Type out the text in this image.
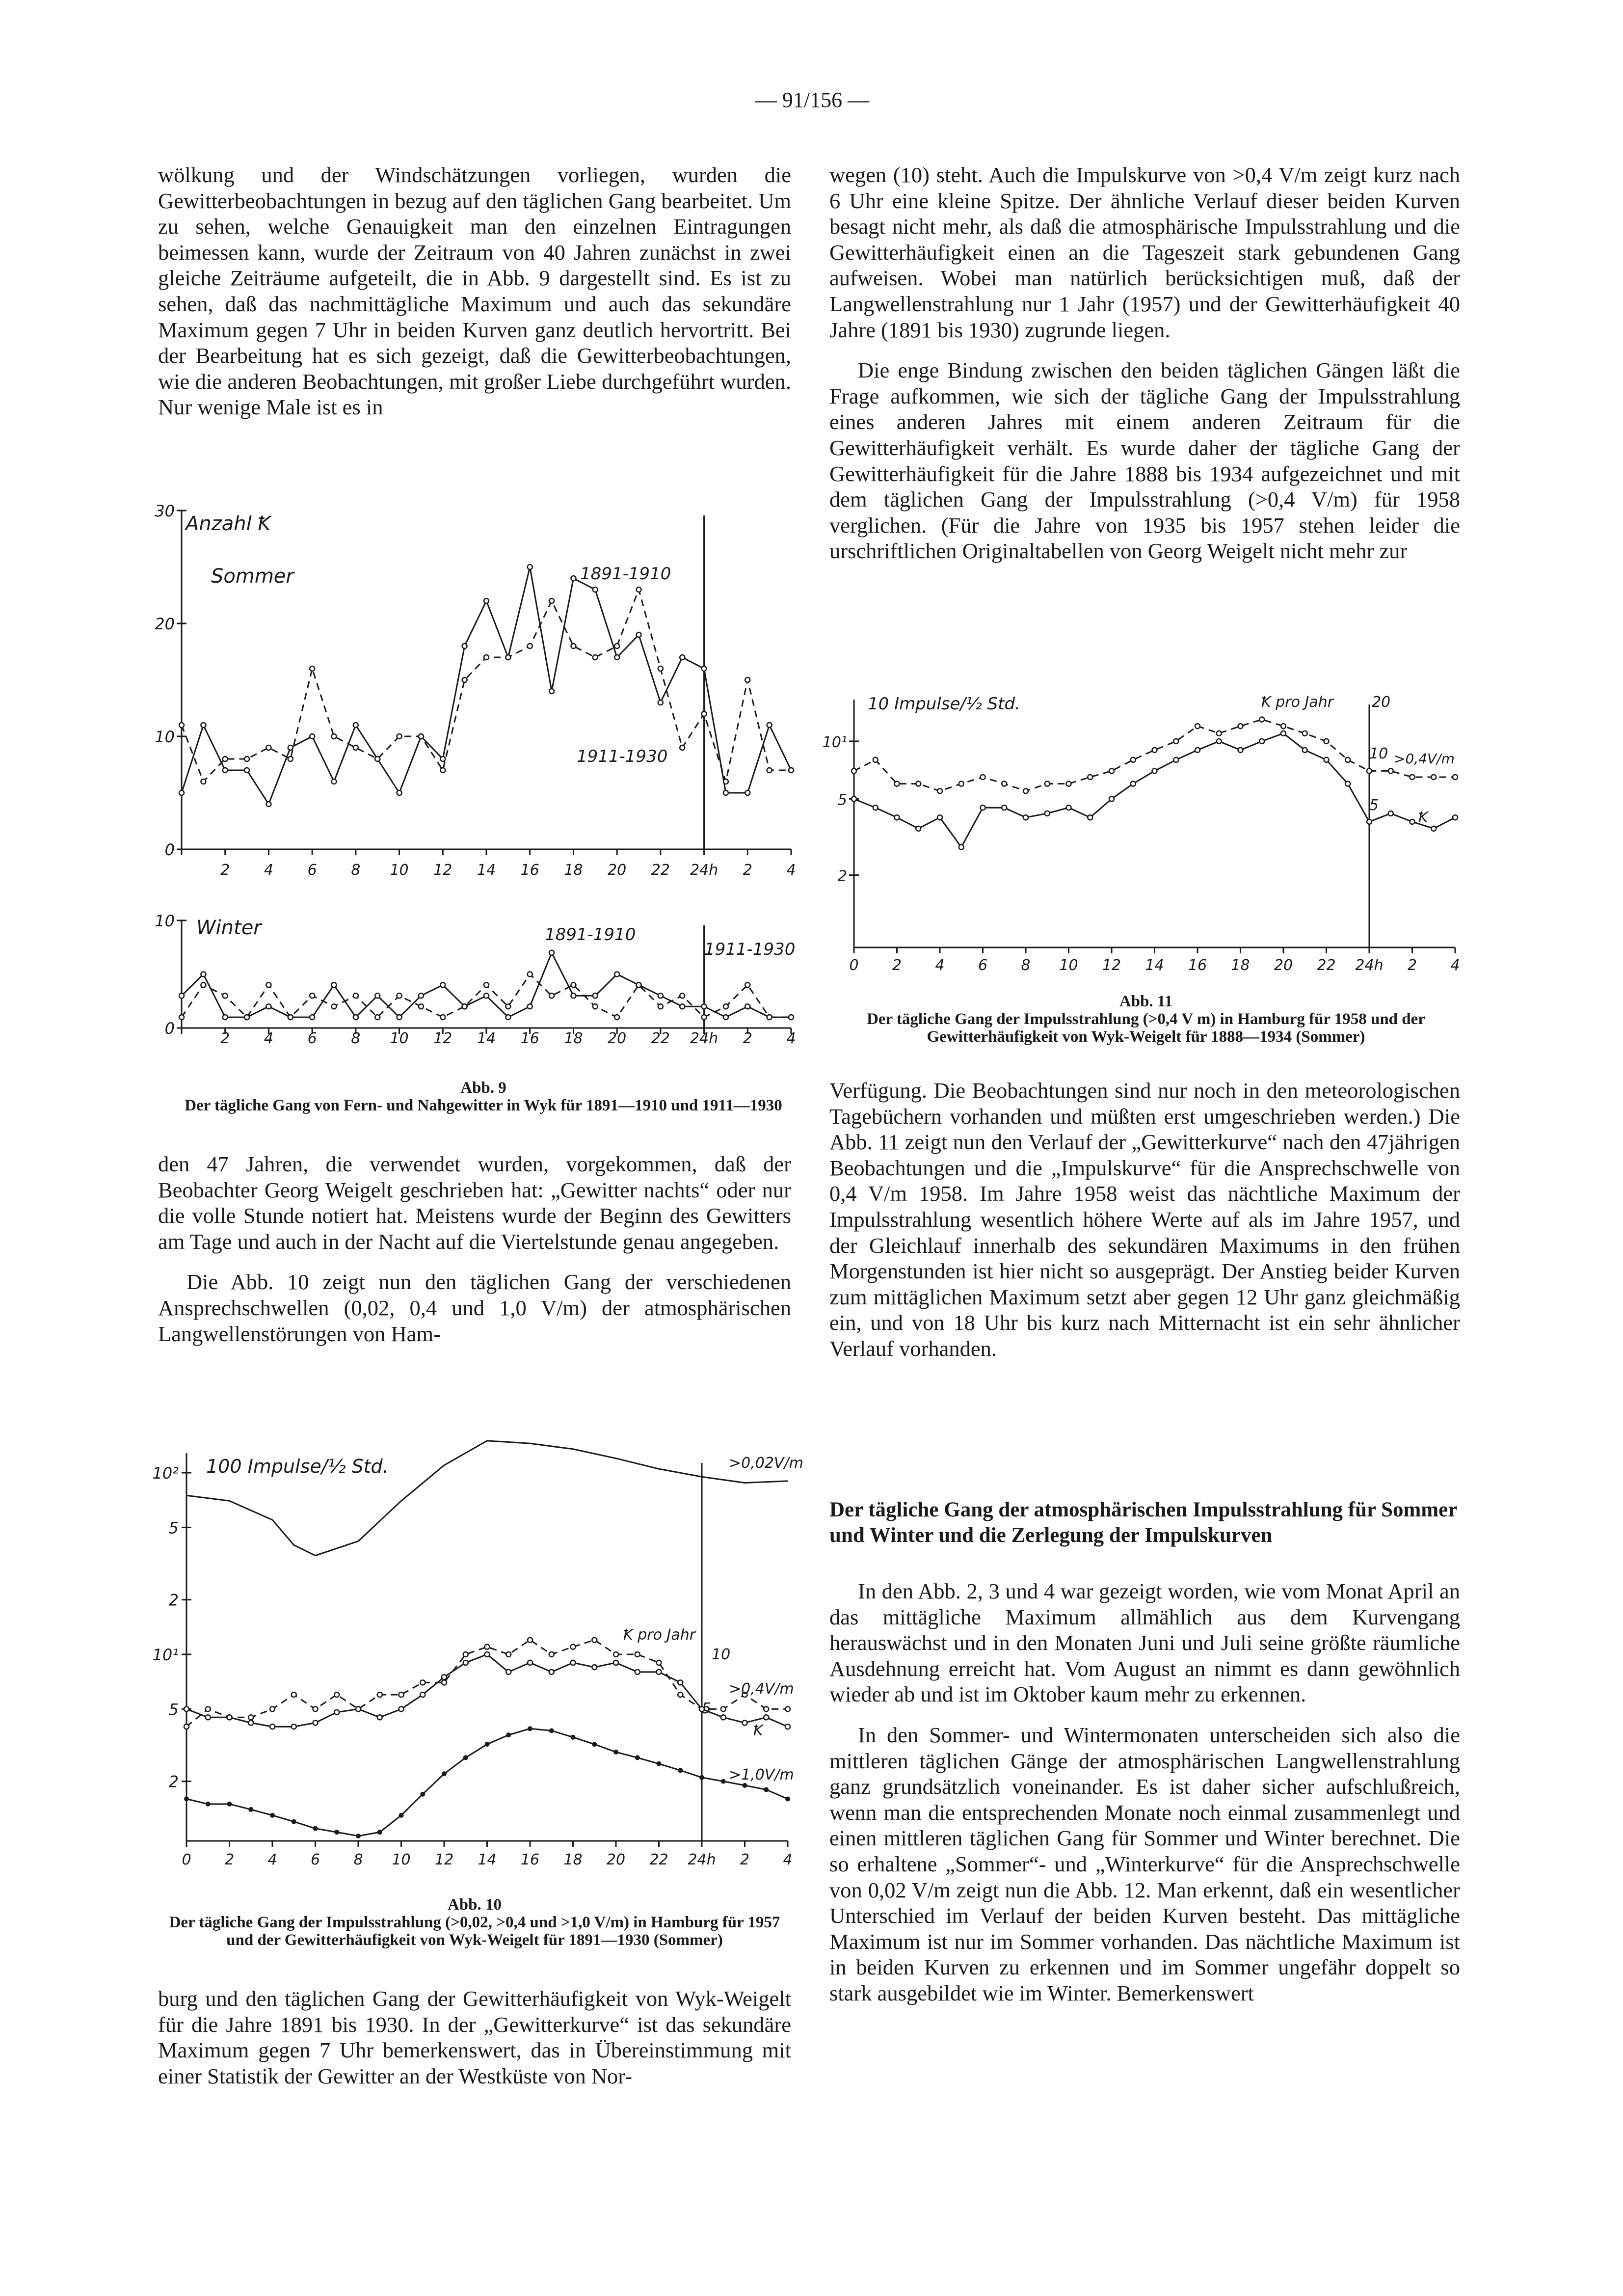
— 91/156 —

wölkung und der Windschätzungen vorliegen, wurden die Gewitterbeobachtungen in bezug auf den täglichen Gang bearbeitet. Um zu sehen, welche Genauigkeit man den einzelnen Eintragungen beimessen kann, wurde der Zeitraum von 40 Jahren zunächst in zwei gleiche Zeiträume aufgeteilt, die in Abb. 9 dargestellt sind. Es ist zu sehen, daß das nachmittägliche Maximum und auch das sekundäre Maximum gegen 7 Uhr in beiden Kurven ganz deutlich hervortritt. Bei der Bearbeitung hat es sich gezeigt, daß die Gewitterbeobachtungen, wie die anderen Beobachtungen, mit großer Liebe durchgeführt wurden. Nur wenige Male ist es in

Anzahl Ꝁ
0
10
20
30
2 4 6 8 10 12 14 16 18 20 22 24h 2 4
Sommer	1891-1910
1911-1930
0
10
2 4 6 8 10 12 14 16 18 20 22 24h 2 4
Winter	1891-1910
1911-1930
Abb. 9
Der tägliche Gang von Fern- und Nahgewitter in Wyk für 1891—1910 und 1911—1930

den 47 Jahren, die verwendet wurden, vorgekommen, daß der Beobachter Georg Weigelt geschrieben hat: „Gewitter nachts“ oder nur die volle Stunde notiert hat. Meistens wurde der Beginn des Gewitters am Tage und auch in der Nacht auf die Viertelstunde genau angegeben.

Die Abb. 10 zeigt nun den täglichen Gang der verschiedenen Ansprechschwellen (0,02, 0,4 und 1,0 V/m) der atmosphärischen Langwellenstörungen von Ham-

2
5
10¹
2
5
10²
0 2 4 6 8 10 12 14 16 18 20 22 24h 2 4
100 Impulse/½ Std.
Ꝁ pro Jahr
10
5
>0,02V/m
>0,4V/m
Ꝁ
>1,0V/m
Abb. 10
Der tägliche Gang der Impulsstrahlung (>0,02, >0,4 und >1,0 V/m) in Hamburg für 1957 und der Gewitterhäufigkeit von Wyk-Weigelt für 1891—1930 (Sommer)

burg und den täglichen Gang der Gewitterhäufigkeit von Wyk-Weigelt für die Jahre 1891 bis 1930. In der „Gewitterkurve“ ist das sekundäre Maximum gegen 7 Uhr bemerkenswert, das in Übereinstimmung mit einer Statistik der Gewitter an der Westküste von Nor-

wegen (10) steht. Auch die Impulskurve von >0,4 V/m zeigt kurz nach 6 Uhr eine kleine Spitze. Der ähnliche Verlauf dieser beiden Kurven besagt nicht mehr, als daß die atmosphärische Impulsstrahlung und die Gewitterhäufigkeit einen an die Tageszeit stark gebundenen Gang aufweisen. Wobei man natürlich berücksichtigen muß, daß der Langwellenstrahlung nur 1 Jahr (1957) und der Gewitterhäufigkeit 40 Jahre (1891 bis 1930) zugrunde liegen.

Die enge Bindung zwischen den beiden täglichen Gängen läßt die Frage aufkommen, wie sich der tägliche Gang der Impulsstrahlung eines anderen Jahres mit einem anderen Zeitraum für die Gewitterhäufigkeit verhält. Es wurde daher der tägliche Gang der Gewitterhäufigkeit für die Jahre 1888 bis 1934 aufgezeichnet und mit dem täglichen Gang der Impulsstrahlung (>0,4 V/m) für 1958 verglichen. (Für die Jahre von 1935 bis 1957 stehen leider die urschriftlichen Originaltabellen von Georg Weigelt nicht mehr zur

2
5
10¹
0 2 4 6 8 10 12 14 16 18 20 22 24h 2 4
10 Impulse/½ Std.	Ꝁ pro Jahr	20
10 >0,4V/m
5
Ꝁ
Abb. 11
Der tägliche Gang der Impulsstrahlung (>0,4 V m) in Hamburg für 1958 und der Gewitterhäufigkeit von Wyk-Weigelt für 1888—1934 (Sommer)

Verfügung. Die Beobachtungen sind nur noch in den meteorologischen Tagebüchern vorhanden und müßten erst umgeschrieben werden.) Die Abb. 11 zeigt nun den Verlauf der „Gewitterkurve“ nach den 47jährigen Beobachtungen und die „Impulskurve“ für die Ansprechschwelle von 0,4 V/m 1958. Im Jahre 1958 weist das nächtliche Maximum der Impulsstrahlung wesentlich höhere Werte auf als im Jahre 1957, und der Gleichlauf innerhalb des sekundären Maximums in den frühen Morgenstunden ist hier nicht so ausgeprägt. Der Anstieg beider Kurven zum mittäglichen Maximum setzt aber gegen 12 Uhr ganz gleichmäßig ein, und von 18 Uhr bis kurz nach Mitternacht ist ein sehr ähnlicher Verlauf vorhanden.

Der tägliche Gang der atmosphärischen Impulsstrahlung für Sommer und Winter und die Zerlegung der Impulskurven

In den Abb. 2, 3 und 4 war gezeigt worden, wie vom Monat April an das mittägliche Maximum allmählich aus dem Kurvengang herauswächst und in den Monaten Juni und Juli seine größte räumliche Ausdehnung erreicht hat. Vom August an nimmt es dann gewöhnlich wieder ab und ist im Oktober kaum mehr zu erkennen.

In den Sommer- und Wintermonaten unterscheiden sich also die mittleren täglichen Gänge der atmosphärischen Langwellenstrahlung ganz grundsätzlich voneinander. Es ist daher sicher aufschlußreich, wenn man die entsprechenden Monate noch einmal zusammenlegt und einen mittleren täglichen Gang für Sommer und Winter berechnet. Die so erhaltene „Sommer“- und „Winterkurve“ für die Ansprechschwelle von 0,02 V/m zeigt nun die Abb. 12. Man erkennt, daß ein wesentlicher Unterschied im Verlauf der beiden Kurven besteht. Das mittägliche Maximum ist nur im Sommer vorhanden. Das nächtliche Maximum ist in beiden Kurven zu erkennen und im Sommer ungefähr doppelt so stark ausgebildet wie im Winter. Bemerkenswert
